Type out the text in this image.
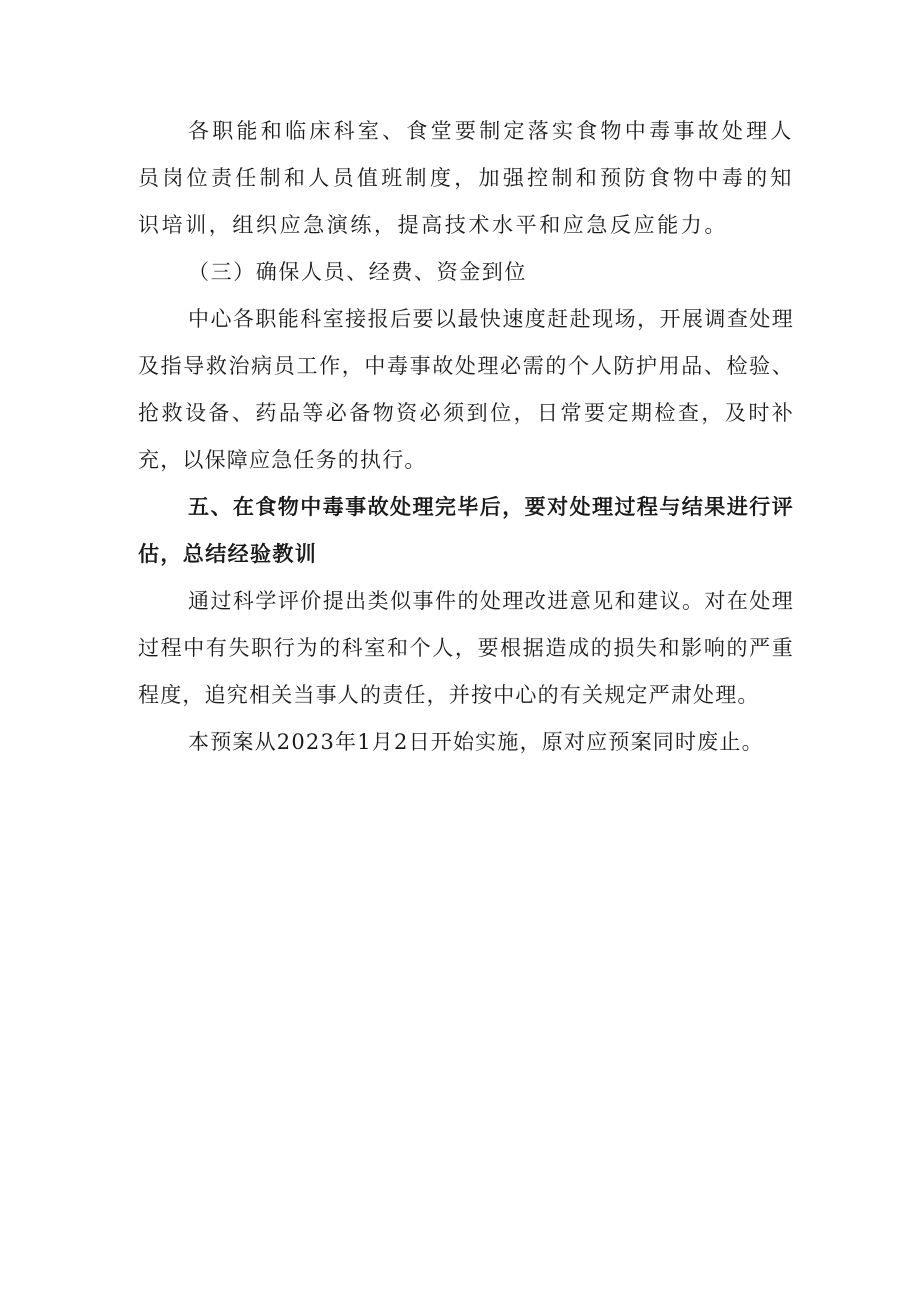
各职能和临床科室、食堂要制定落实食物中毒事故处理人员岗位责任制和人员值班制度，加强控制和预防食物中毒的知识培训，组织应急演练，提高技术水平和应急反应能力。

（三）确保人员、经费、资金到位

中心各职能科室接报后要以最快速度赶赴现场，开展调查处理及指导救治病员工作，中毒事故处理必需的个人防护用品、检验、抢救设备、药品等必备物资必须到位，日常要定期检查，及时补充，以保障应急任务的执行。

五、在食物中毒事故处理完毕后，要对处理过程与结果进行评估，总结经验教训

通过科学评价提出类似事件的处理改进意见和建议。对在处理过程中有失职行为的科室和个人，要根据造成的损失和影响的严重程度，追究相关当事人的责任，并按中心的有关规定严肃处理。

本预案从2023年1月2日开始实施，原对应预案同时废止。
